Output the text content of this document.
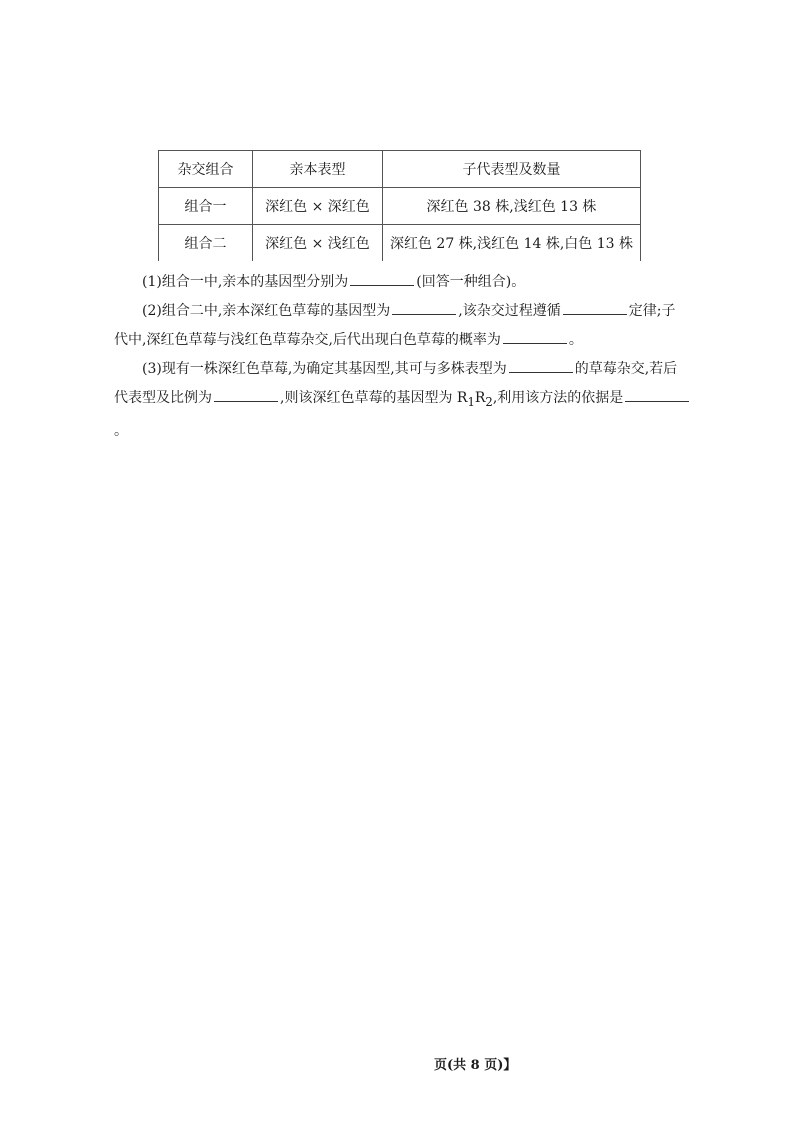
杂交组合	亲本表型	子代表型及数量
组合一	深红色 × 深红色	深红色 38 株,浅红色 13 株
组合二	深红色 × 浅红色	深红色 27 株,浅红色 14 株,白色 13 株

(1)组合一中,亲本的基因型分别为	(回答一种组合)。

(2)组合二中,亲本深红色草莓的基因型为	,该杂交过程遵循	定律;子

代中,深红色草莓与浅红色草莓杂交,后代出现白色草莓的概率为	。

(3)现有一株深红色草莓,为确定其基因型,其可与多株表型为	的草莓杂交,若后

代表型及比例为	,则该深红色草莓的基因型为 $R_1R_2$,利用该方法的依据是。

页(共 8 页)】
